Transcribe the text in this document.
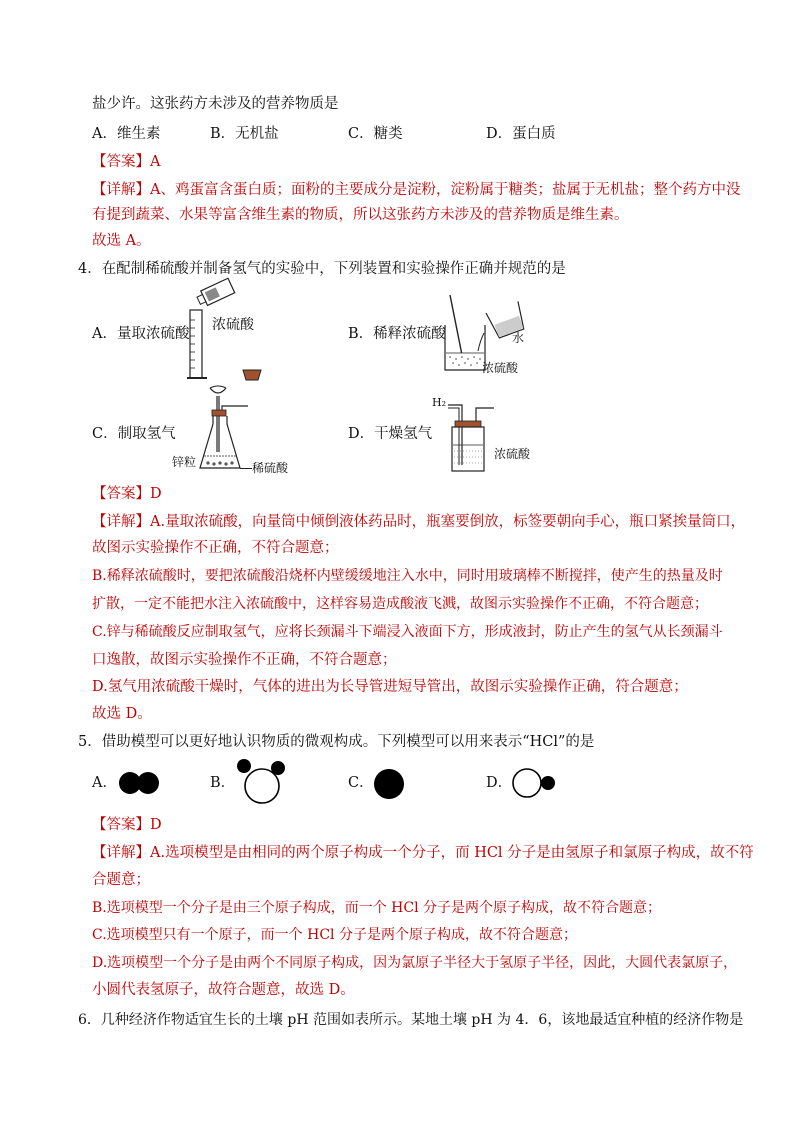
盐少许。这张药方未涉及的营养物质是
A．维生素	B．无机盐	C．糖类	D．蛋白质
【答案】A
【详解】A、鸡蛋富含蛋白质；面粉的主要成分是淀粉，淀粉属于糖类；盐属于无机盐；整个药方中没
有提到蔬菜、水果等富含维生素的物质，所以这张药方未涉及的营养物质是维生素。
故选 A。
4．在配制稀硫酸并制备氢气的实验中，下列装置和实验操作正确并规范的是
A．量取浓硫酸	B．稀释浓硫酸
C．制取氢气	D．干燥氢气
浓硫酸
水
浓硫酸
锌粒	稀硫酸
H₂
浓硫酸
【答案】D
【详解】A.量取浓硫酸，向量筒中倾倒液体药品时，瓶塞要倒放，标签要朝向手心，瓶口紧挨量筒口，
故图示实验操作不正确，不符合题意；
B.稀释浓硫酸时，要把浓硫酸沿烧杯内壁缓缓地注入水中，同时用玻璃棒不断搅拌，使产生的热量及时
扩散，一定不能把水注入浓硫酸中，这样容易造成酸液飞溅，故图示实验操作不正确，不符合题意；
C.锌与稀硫酸反应制取氢气，应将长颈漏斗下端浸入液面下方，形成液封，防止产生的氢气从长颈漏斗
口逸散，故图示实验操作不正确，不符合题意；
D.氢气用浓硫酸干燥时，气体的进出为长导管进短导管出，故图示实验操作正确，符合题意；
故选 D。
5．借助模型可以更好地认识物质的微观构成。下列模型可以用来表示“HCl”的是
A．	B．	C．	D．
【答案】D
【详解】A.选项模型是由相同的两个原子构成一个分子，而 HCl 分子是由氢原子和氯原子构成，故不符
合题意；
B.选项模型一个分子是由三个原子构成，而一个 HCl 分子是两个原子构成，故不符合题意；
C.选项模型只有一个原子，而一个 HCl 分子是两个原子构成，故不符合题意；
D.选项模型一个分子是由两个不同原子构成，因为氯原子半径大于氢原子半径，因此，大圆代表氯原子，
小圆代表氢原子，故符合题意，故选 D。
6．几种经济作物适宜生长的土壤 pH 范围如表所示。某地土壤 pH 为 4．6，该地最适宜种植的经济作物是
